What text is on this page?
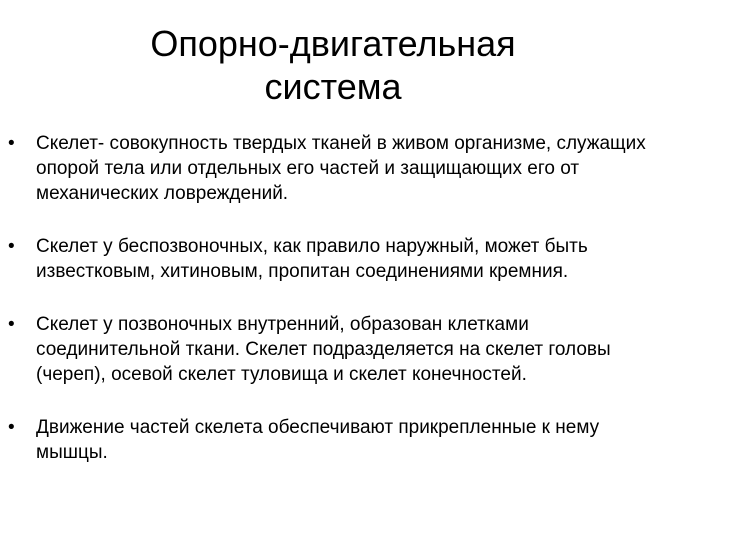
Опорно-двигательная
система
• Скелет- совокупность твердых тканей в живом организме, служащих опорой тела или отдельных его частей и защищающих его от механических ловреждений.
• Скелет у беспозвоночных, как правило наружный, может быть известковым, хитиновым, пропитан соединениями кремния.
• Скелет у позвоночных внутренний, образован клетками соединительной ткани. Скелет подразделяется на скелет головы (череп), осевой скелет туловища и скелет конечностей.
• Движение частей скелета обеспечивают прикрепленные к нему мышцы.
